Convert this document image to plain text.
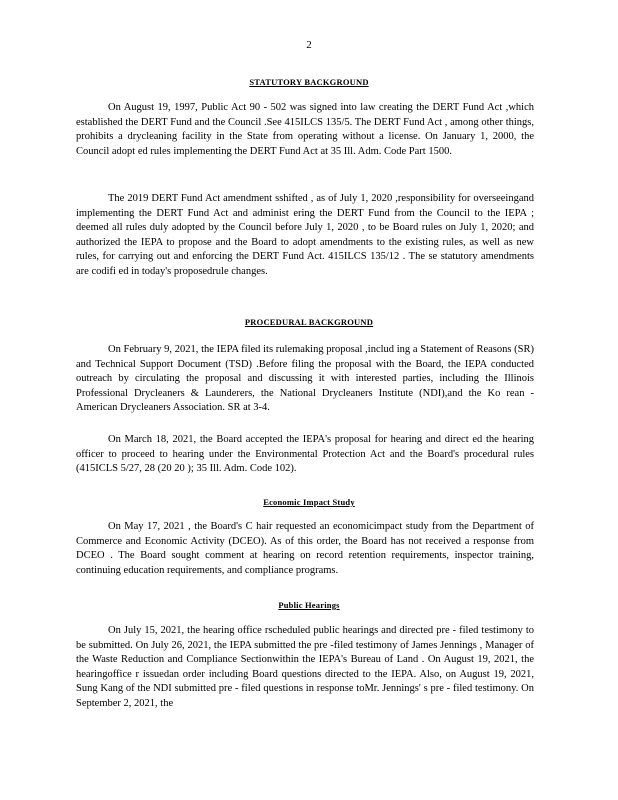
2
STATUTORY BACKGROUND

On August 19, 1997, Public Act 90 - 502 was signed into law creating the DERT Fund Act ,which established the DERT Fund and the Council .See 415ILCS 135/5. The DERT Fund Act , among other things, prohibits a drycleaning facility in the State from operating without a license. On January 1, 2000, the Council adopt ed rules implementing the DERT Fund Act at 35 Ill. Adm. Code Part 1500.

The 2019 DERT Fund Act amendment sshifted , as of July 1, 2020 ,responsibility for overseeingand implementing the DERT Fund Act and administ ering the DERT Fund from the Council to the IEPA ; deemed all rules duly adopted by the Council before July 1, 2020 , to be Board rules on July 1, 2020; and authorized the IEPA to propose and the Board to adopt amendments to the existing rules, as well as new rules, for carrying out and enforcing the DERT Fund Act. 415ILCS 135/12 . The se statutory amendments are codifi ed in today's proposedrule changes.

PROCEDURAL BACKGROUND

On February 9, 2021, the IEPA filed its rulemaking proposal ,includ ing a Statement of Reasons (SR) and Technical Support Document (TSD) .Before filing the proposal with the Board, the IEPA conducted outreach by circulating the proposal and discussing it with interested parties, including the Illinois Professional Drycleaners & Launderers, the National Drycleaners Institute (NDI),and the Ko rean - American Drycleaners Association. SR at 3-4.

On March 18, 2021, the Board accepted the IEPA's proposal for hearing and direct ed the hearing officer to proceed to hearing under the Environmental Protection Act and the Board's procedural rules (415ICLS 5/27, 28 (20 20 ); 35 Ill. Adm. Code 102).

Economic Impact Study

On May 17, 2021 , the Board's C hair requested an economicimpact study from the Department of Commerce and Economic Activity (DCEO). As of this order, the Board has not received a response from DCEO . The Board sought comment at hearing on record retention requirements, inspector training, continuing education requirements, and compliance programs.

Public Hearings

On July 15, 2021, the hearing office rscheduled public hearings and directed pre - filed testimony to be submitted. On July 26, 2021, the IEPA submitted the pre -filed testimony of James Jennings , Manager of the Waste Reduction and Compliance Sectionwithin the IEPA's Bureau of Land . On August 19, 2021, the hearingoffice r issuedan order including Board questions directed to the IEPA. Also, on August 19, 2021, Sung Kang of the NDI submitted pre - filed questions in response toMr. Jennings' s pre - filed testimony. On September 2, 2021, the
